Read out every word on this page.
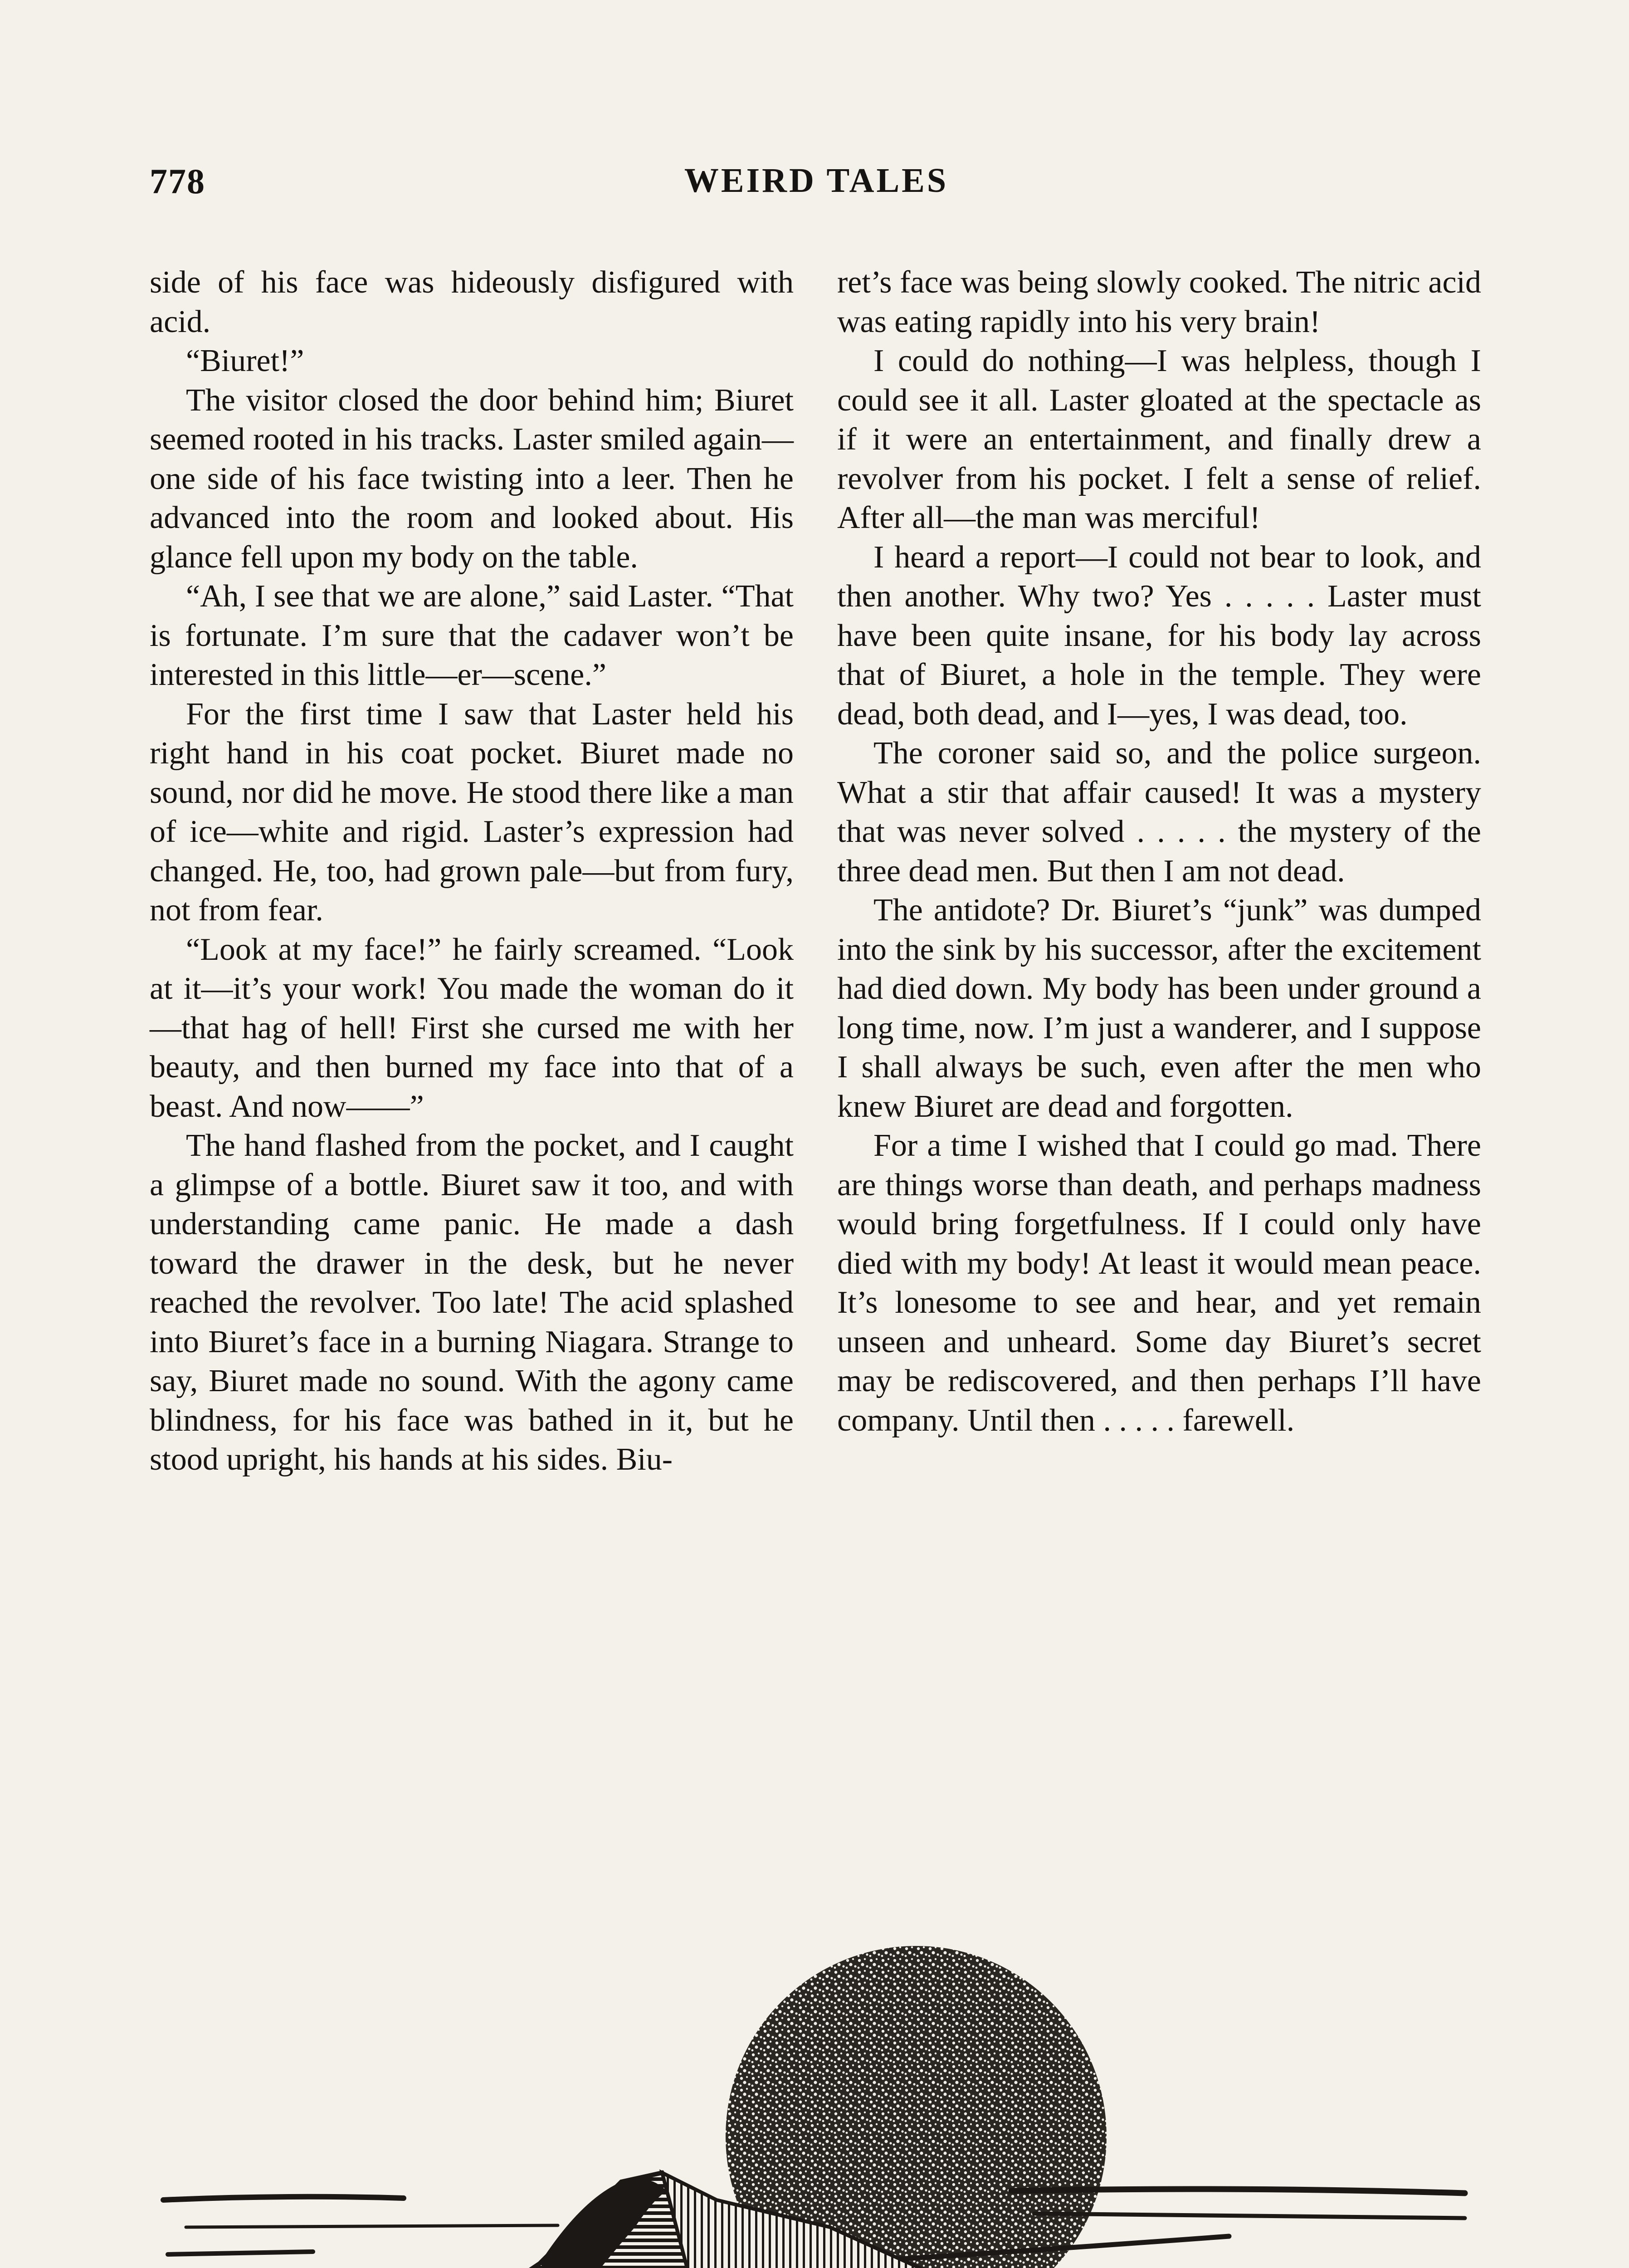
778	WEIRD TALES

side of his face was hideously disfigured with acid.

“Biuret!”

The visitor closed the door behind him; Biuret seemed rooted in his tracks. Laster smiled again—one side of his face twisting into a leer. Then he advanced into the room and looked about. His glance fell upon my body on the table.

“Ah, I see that we are alone,” said Laster. “That is fortunate. I’m sure that the cadaver won’t be interested in this little—er—scene.”

For the first time I saw that Laster held his right hand in his coat pocket. Biuret made no sound, nor did he move. He stood there like a man of ice—white and rigid. Laster’s expression had changed. He, too, had grown pale—but from fury, not from fear.

“Look at my face!” he fairly screamed. “Look at it—it’s your work! You made the woman do it—that hag of hell! First she cursed me with her beauty, and then burned my face into that of a beast. And now——”

The hand flashed from the pocket, and I caught a glimpse of a bottle. Biuret saw it too, and with understanding came panic. He made a dash toward the drawer in the desk, but he never reached the revolver. Too late! The acid splashed into Biuret’s face in a burning Niagara. Strange to say, Biuret made no sound. With the agony came blindness, for his face was bathed in it, but he stood upright, his hands at his sides. Biu-

ret’s face was being slowly cooked. The nitric acid was eating rapidly into his very brain!

I could do nothing—I was helpless, though I could see it all. Laster gloated at the spectacle as if it were an entertainment, and finally drew a revolver from his pocket. I felt a sense of relief. After all—the man was merciful!

I heard a report—I could not bear to look, and then another. Why two? Yes . . . . . Laster must have been quite insane, for his body lay across that of Biuret, a hole in the temple. They were dead, both dead, and I—yes, I was dead, too.

The coroner said so, and the police surgeon. What a stir that affair caused! It was a mystery that was never solved . . . . . the mystery of the three dead men. But then I am not dead.

The antidote? Dr. Biuret’s “junk” was dumped into the sink by his successor, after the excitement had died down. My body has been under ground a long time, now. I’m just a wanderer, and I suppose I shall always be such, even after the men who knew Biuret are dead and forgotten.

For a time I wished that I could go mad. There are things worse than death, and perhaps madness would bring forgetfulness. If I could only have died with my body! At least it would mean peace. It’s lonesome to see and hear, and yet remain unseen and unheard. Some day Biuret’s secret may be rediscovered, and then perhaps I’ll have company. Until then . . . . . farewell.
